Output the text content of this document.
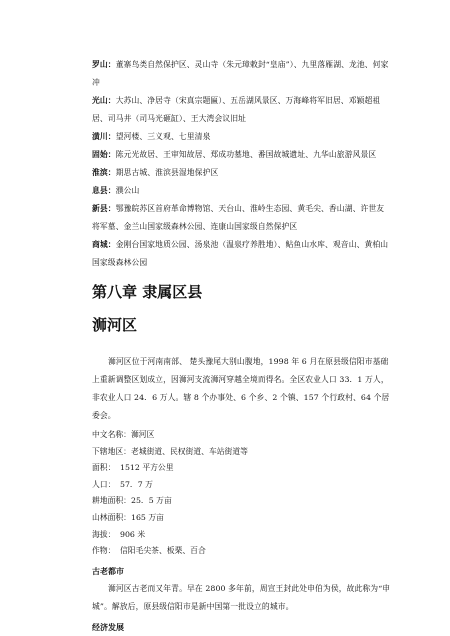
罗山：董寨鸟类自然保护区、灵山寺（朱元璋敕封“皇庙”）、九里落雁湖、龙池、何家冲

光山：大苏山、净居寺（宋真宗题匾）、五岳湖风景区、万海峰将军旧居、邓颖超祖居、司马井（司马光砸缸）、王大湾会议旧址

潢川：望河楼、三义观、七里清泉

固始：陈元光故居、王审知故居、郑成功墓地、番国故城遗址、九华山旅游风景区

淮滨：期思古城、淮滨县湿地保护区

息县：濮公山

新县：鄂豫皖苏区首府革命博物馆、天台山、淮岭生态园、黄毛尖、香山湖、许世友将军墓、金兰山国家级森林公园、连康山国家级自然保护区

商城：金刚台国家地质公园、汤泉池（温泉疗养胜地）、鲇鱼山水库、观音山、黄柏山国家级森林公园

第八章 隶属区县
浉河区

浉河区位于河南南部、 楚头豫尾大别山腹地，1998 年 6 月在原县级信阳市基础上重新调整区划成立，因浉河支流浉河穿越全境而得名。全区农业人口 33．1 万人，非农业人口 24．6 万人。辖 8 个办事处、6 个乡、2 个镇、157 个行政村、64 个居委会。

中文名称：浉河区

下辖地区：老城街道、民权街道、车站街道等

面积： 1512 平方公里

人口： 57．7 万

耕地面积：25．5 万亩

山林面积：165 万亩

海拔： 906 米

作物： 信阳毛尖茶、板栗、百合

古老都市

浉河区古老而又年青。早在 2800 多年前，周宣王封此处申伯为侯，故此称为“申城”。解放后，原县级信阳市是新中国第一批设立的城市。

经济发展
